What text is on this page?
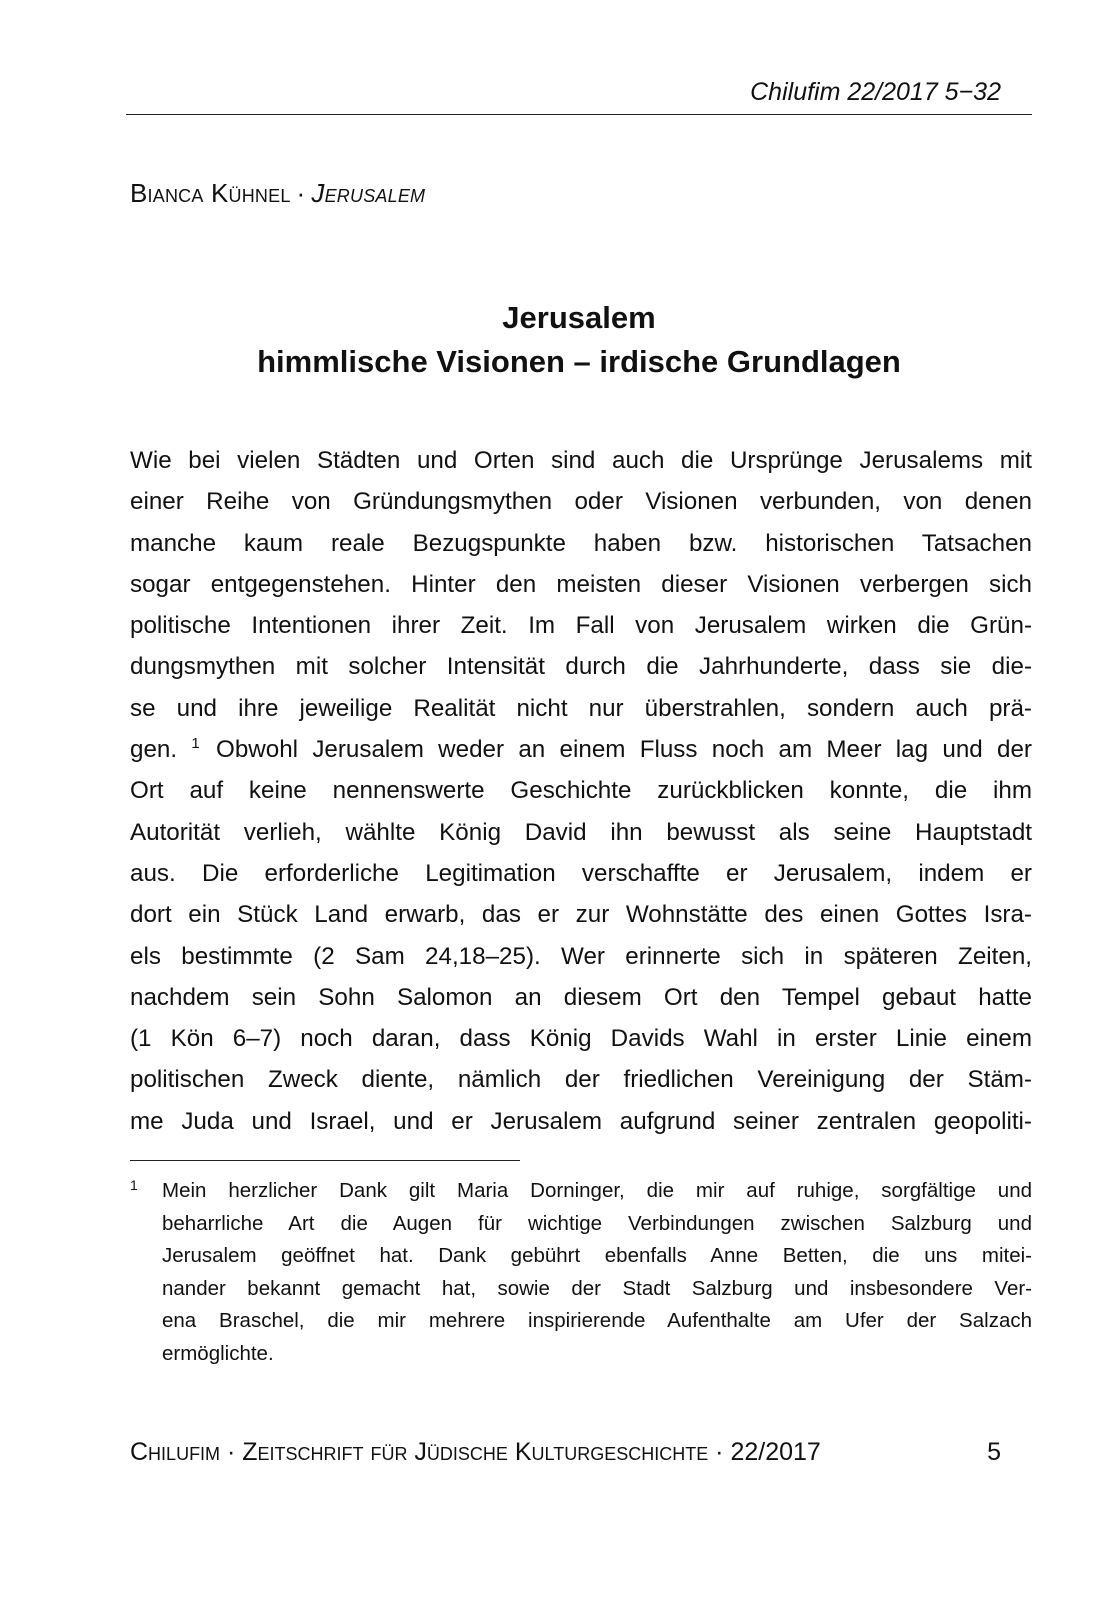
Chilufim 22/2017 5−32
Bianca Kühnel · Jerusalem
Jerusalem
himmlische Visionen – irdische Grundlagen
Wie bei vielen Städten und Orten sind auch die Ursprünge Jerusalems mit
einer Reihe von Gründungsmythen oder Visionen verbunden, von denen
manche kaum reale Bezugspunkte haben bzw. historischen Tatsachen
sogar entgegenstehen. Hinter den meisten dieser Visionen verbergen sich
politische Intentionen ihrer Zeit. Im Fall von Jerusalem wirken die Grün-
dungsmythen mit solcher Intensität durch die Jahrhunderte, dass sie die-
se und ihre jeweilige Realität nicht nur überstrahlen, sondern auch prä-
gen. $^1$ Obwohl Jerusalem weder an einem Fluss noch am Meer lag und der
Ort auf keine nennenswerte Geschichte zurückblicken konnte, die ihm
Autorität verlieh, wählte König David ihn bewusst als seine Hauptstadt
aus. Die erforderliche Legitimation verschaffte er Jerusalem, indem er
dort ein Stück Land erwarb, das er zur Wohnstätte des einen Gottes Isra-
els bestimmte (2 Sam 24,18–25). Wer erinnerte sich in späteren Zeiten,
nachdem sein Sohn Salomon an diesem Ort den Tempel gebaut hatte
(1 Kön 6–7) noch daran, dass König Davids Wahl in erster Linie einem
politischen Zweck diente, nämlich der friedlichen Vereinigung der Stäm-
me Juda und Israel, und er Jerusalem aufgrund seiner zentralen geopoliti-
1 Mein herzlicher Dank gilt Maria Dorninger, die mir auf ruhige, sorgfältige und
beharrliche Art die Augen für wichtige Verbindungen zwischen Salzburg und
Jerusalem geöffnet hat. Dank gebührt ebenfalls Anne Betten, die uns mitei-
nander bekannt gemacht hat, sowie der Stadt Salzburg und insbesondere Ver-
ena Braschel, die mir mehrere inspirierende Aufenthalte am Ufer der Salzach
ermöglichte.
Chilufim · Zeitschrift für Jüdische Kulturgeschichte · 22/2017	5
